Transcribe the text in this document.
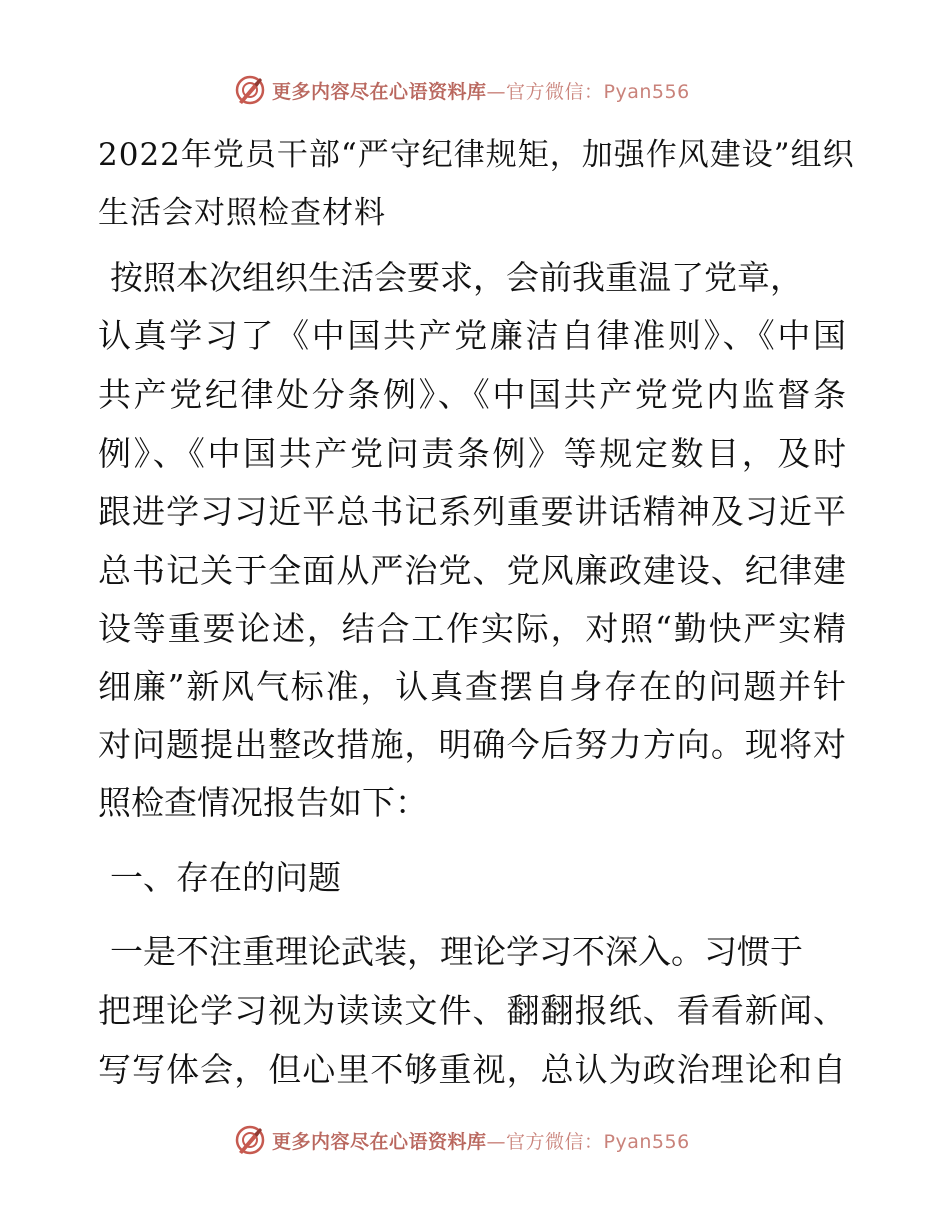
更多内容尽在心语资料库—官方微信：Pyan556
2022年党员干部“严守纪律规矩，加强作风建设”组织生活会对照检查材料
按照本次组织生活会要求，会前我重温了党章，
认真学习了《中国共产党廉洁自律准则》、《中国
共产党纪律处分条例》、《中国共产党党内监督条
例》、《中国共产党问责条例》等规定数目，及时
跟进学习习近平总书记系列重要讲话精神及习近平
总书记关于全面从严治党、党风廉政建设、纪律建
设等重要论述，结合工作实际，对照“勤快严实精
细廉”新风气标准，认真查摆自身存在的问题并针
对问题提出整改措施，明确今后努力方向。现将对
照检查情况报告如下：
一、存在的问题
一是不注重理论武装，理论学习不深入。习惯于
把理论学习视为读读文件、翻翻报纸、看看新闻、
写写体会，但心里不够重视，总认为政治理论和自
更多内容尽在心语资料库—官方微信：Pyan556
